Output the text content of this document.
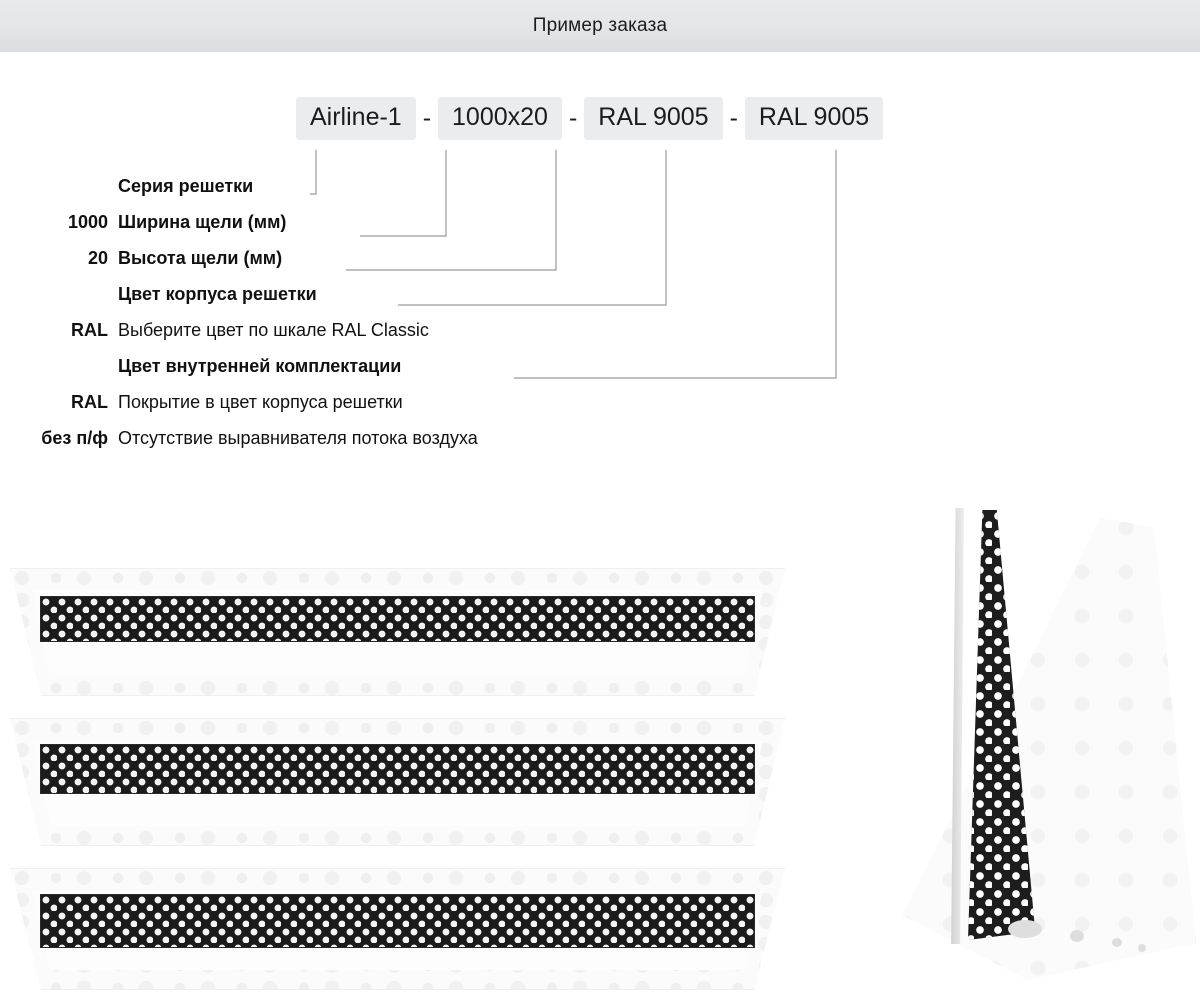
Пример заказа
Airline-1 - 1000x20 - RAL 9005 - RAL 9005
Серия решетки
1000 Ширина щели (мм)
20 Высота щели (мм)
Цвет корпуса решетки
RAL Выберите цвет по шкале RAL Classic
Цвет внутренней комплектации
RAL Покрытие в цвет корпуса решетки
без п/ф Отсутствие выравнивателя потока воздуха
